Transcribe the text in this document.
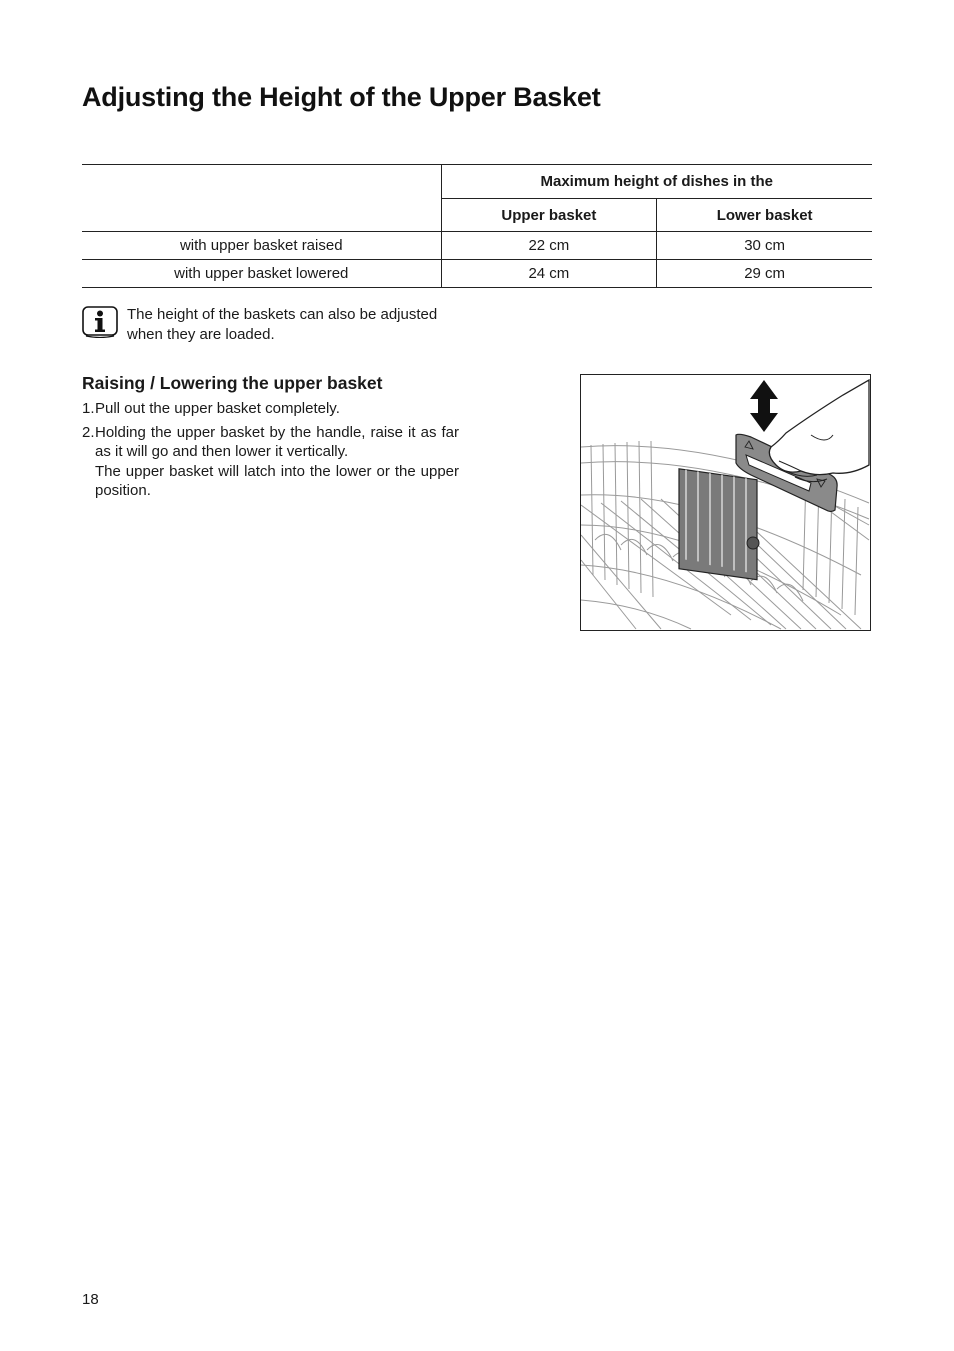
Adjusting the Height of the Upper Basket
	Maximum height of dishes in the	
	Upper basket	Lower basket
with upper basket raised	22 cm	30 cm
with upper basket lowered	24 cm	29 cm
The height of the baskets can also be adjusted when they are loaded.
Raising / Lowering the upper basket
1. Pull out the upper basket completely.
2. Holding the upper basket by the handle, raise it as far as it will go and then lower it vertically.
The upper basket will latch into the lower or the upper position.
18
